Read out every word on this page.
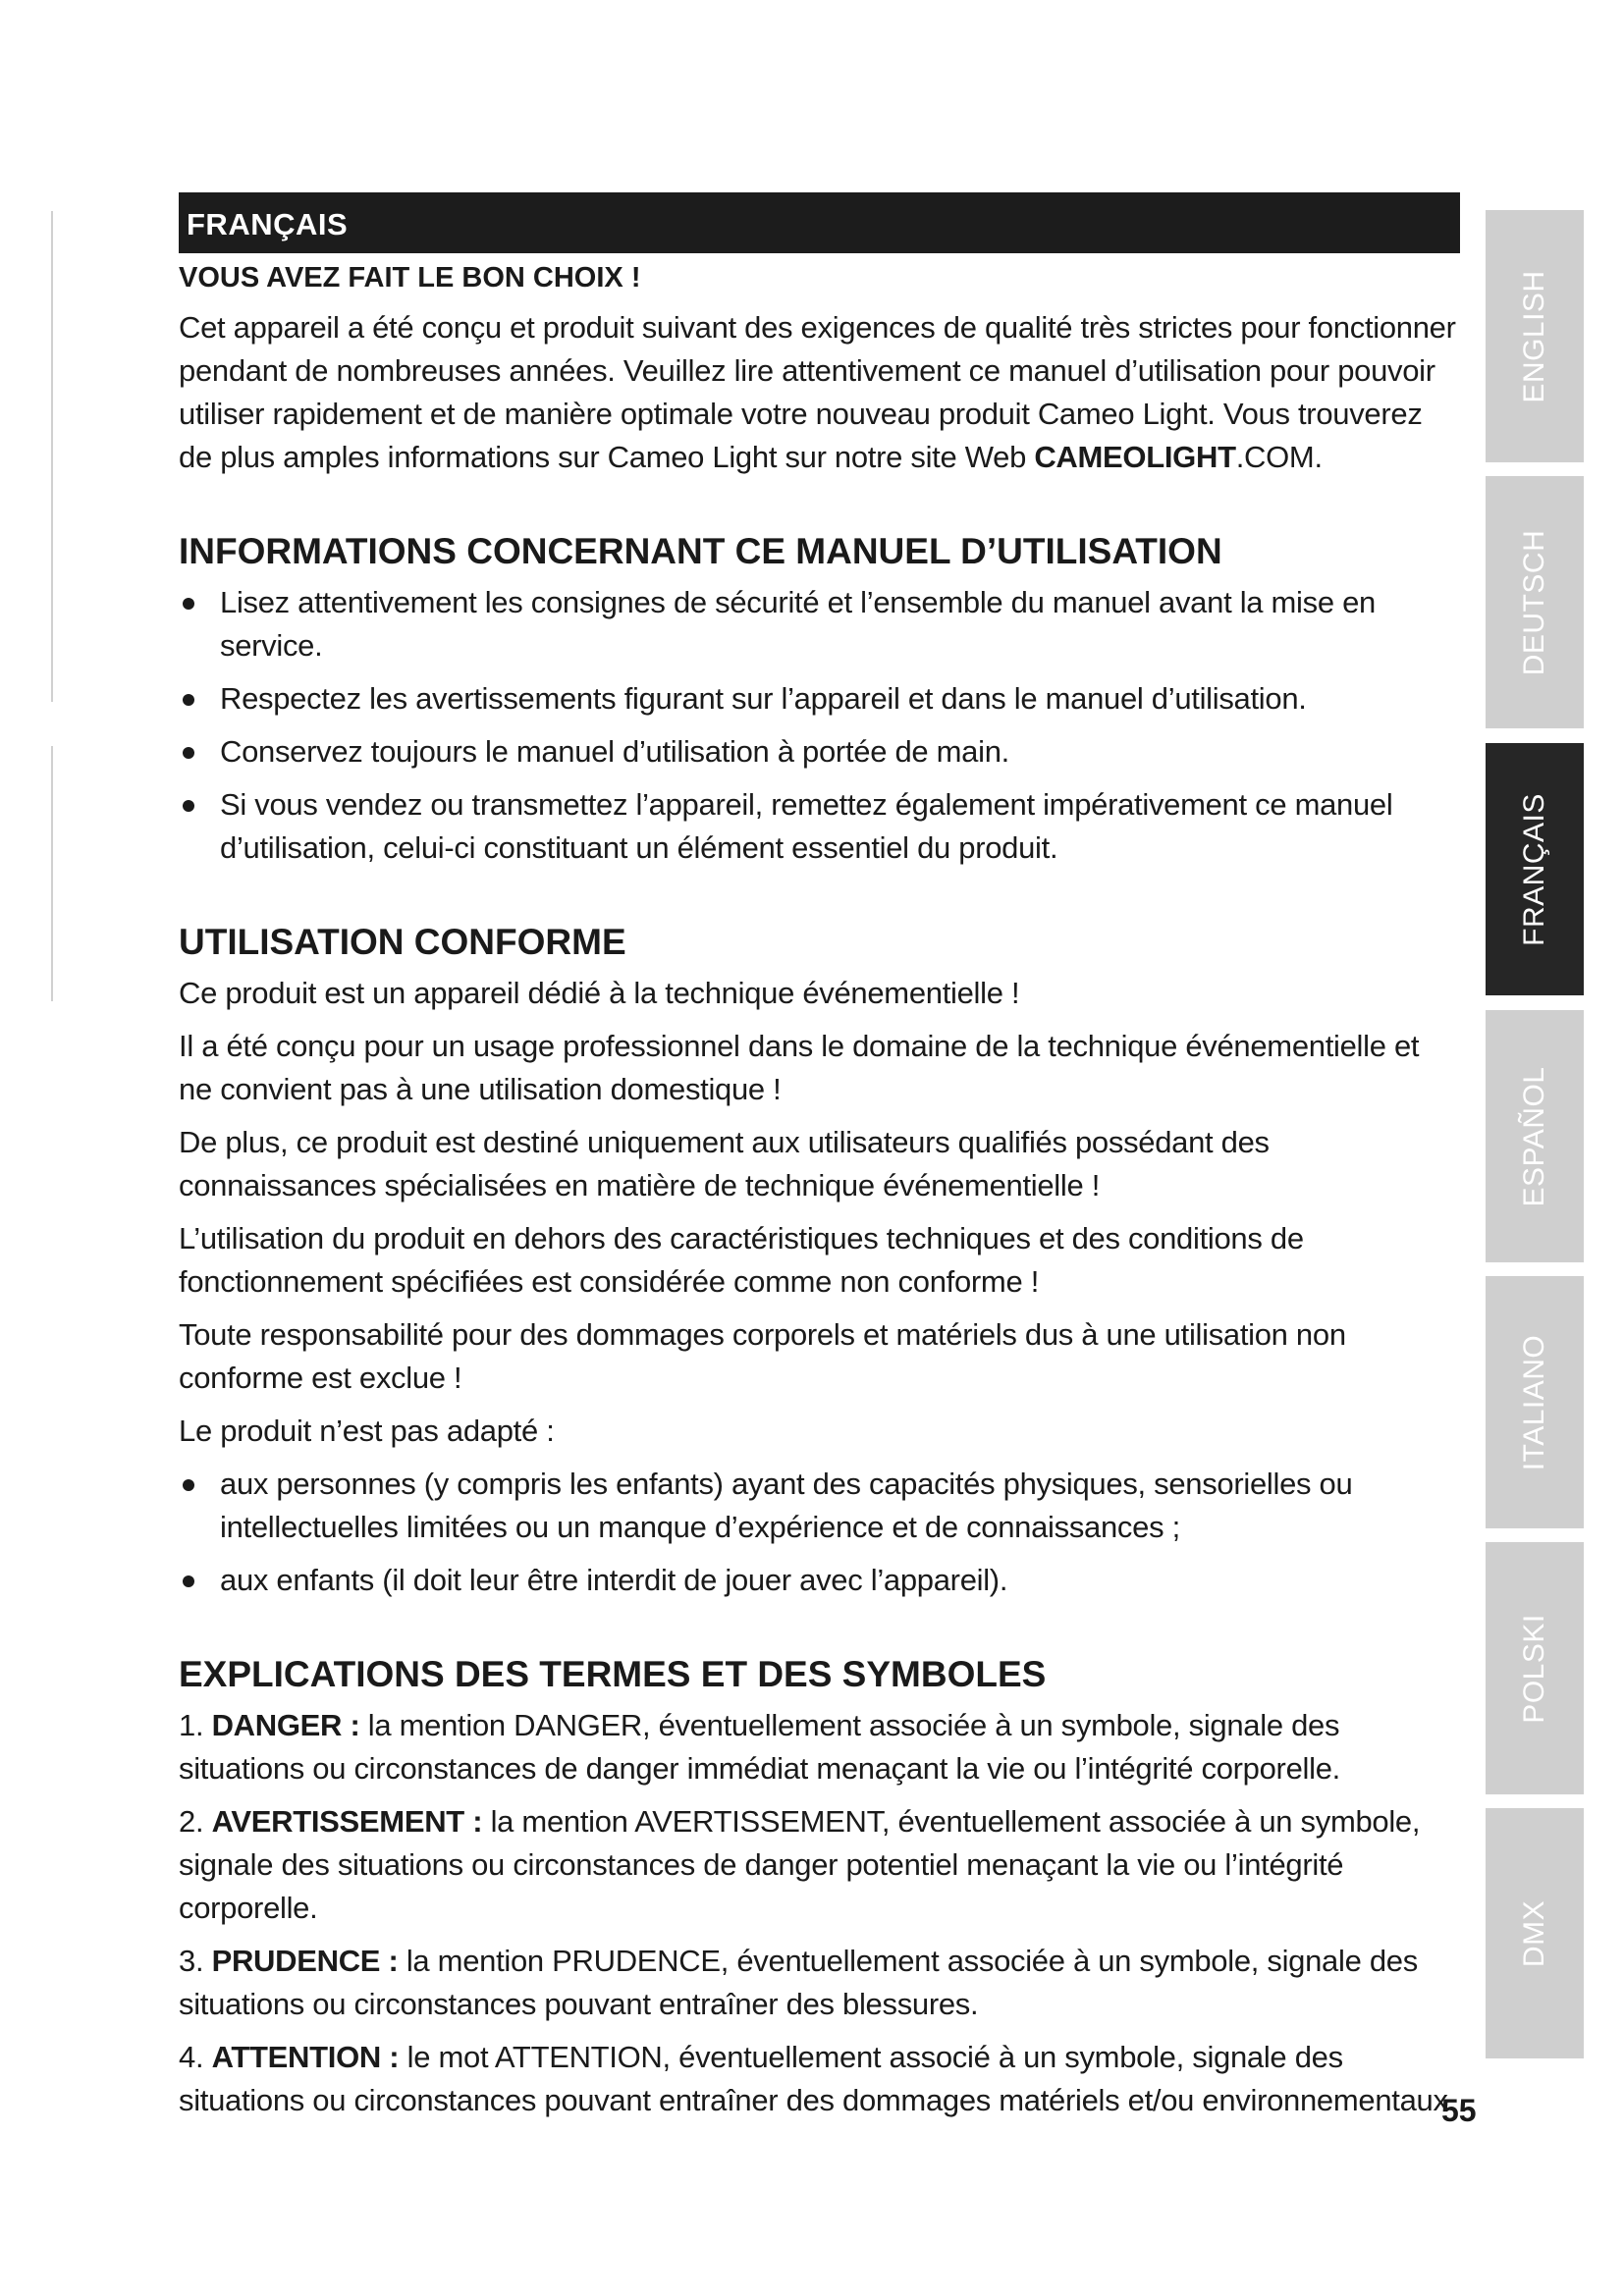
FRANÇAIS
VOUS AVEZ FAIT LE BON CHOIX !

Cet appareil a été conçu et produit suivant des exigences de qualité très strictes pour fonctionner pendant de nombreuses années. Veuillez lire attentivement ce manuel d’utilisation pour pouvoir utiliser rapidement et de manière optimale votre nouveau produit Cameo Light. Vous trouverez de plus amples informations sur Cameo Light sur notre site Web CAMEOLIGHT.COM.

INFORMATIONS CONCERNANT CE MANUEL D’UTILISATION
Lisez attentivement les consignes de sécurité et l’ensemble du manuel avant la mise en service.
Respectez les avertissements figurant sur l’appareil et dans le manuel d’utilisation.
Conservez toujours le manuel d’utilisation à portée de main.
Si vous vendez ou transmettez l’appareil, remettez également impérativement ce manuel d’utilisation, celui-ci constituant un élément essentiel du produit.
UTILISATION CONFORME

Ce produit est un appareil dédié à la technique événementielle !

Il a été conçu pour un usage professionnel dans le domaine de la technique événementielle et ne convient pas à une utilisation domestique !

De plus, ce produit est destiné uniquement aux utilisateurs qualifiés possédant des connaissances spécialisées en matière de technique événementielle !

L’utilisation du produit en dehors des caractéristiques techniques et des conditions de fonctionnement spécifiées est considérée comme non conforme !

Toute responsabilité pour des dommages corporels et matériels dus à une utilisation non conforme est exclue !

Le produit n’est pas adapté :

aux personnes (y compris les enfants) ayant des capacités physiques, sensorielles ou intellectuelles limitées ou un manque d’expérience et de connaissances ;
aux enfants (il doit leur être interdit de jouer avec l’appareil).
EXPLICATIONS DES TERMES ET DES SYMBOLES

1. DANGER : la mention DANGER, éventuellement associée à un symbole, signale des situations ou circonstances de danger immédiat menaçant la vie ou l’intégrité corporelle.

2. AVERTISSEMENT : la mention AVERTISSEMENT, éventuellement associée à un symbole, signale des situations ou circonstances de danger potentiel menaçant la vie ou l’intégrité corporelle.

3. PRUDENCE : la mention PRUDENCE, éventuellement associée à un symbole, signale des situations ou circonstances pouvant entraîner des blessures.

4. ATTENTION : le mot ATTENTION, éventuellement associé à un symbole, signale des situations ou circonstances pouvant entraîner des dommages matériels et/ou environnementaux.

ENGLISH
DEUTSCH
FRANÇAIS
ESPAÑOL
ITALIANO
POLSKI
DMX
55
